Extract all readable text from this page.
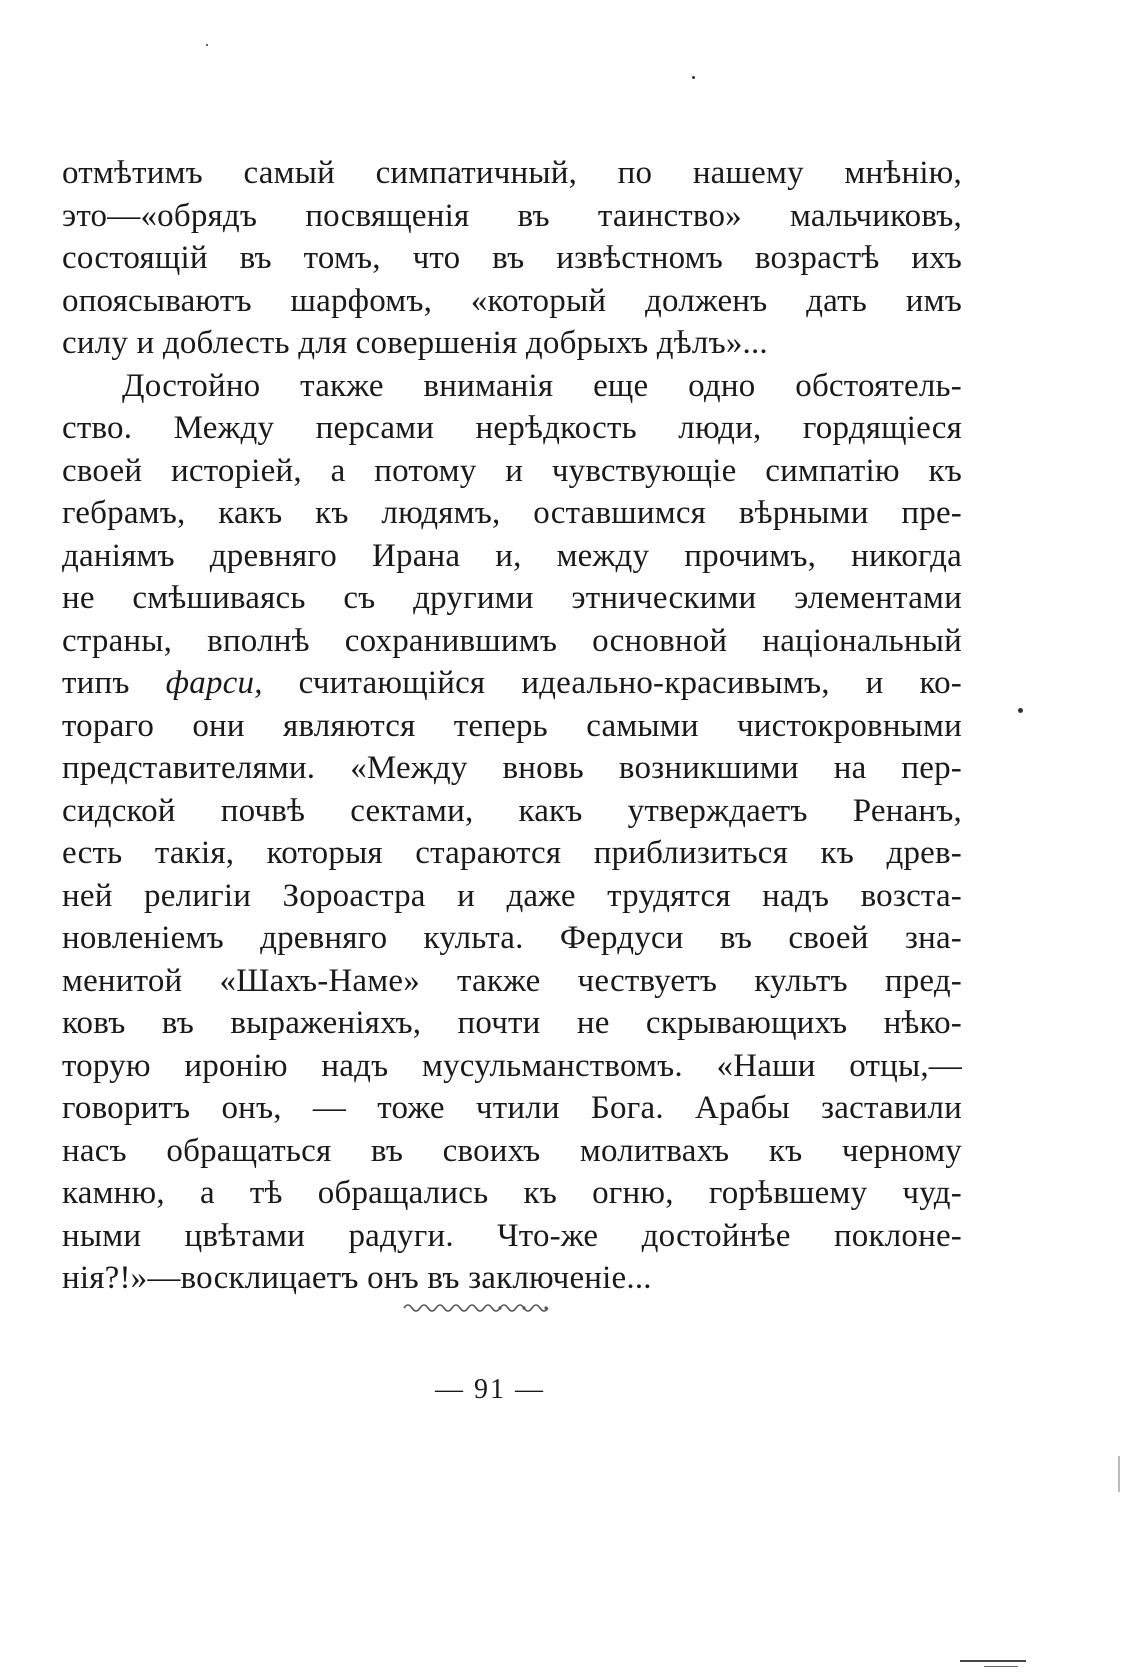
отмѣтимъ самый симпатичный, по нашему мнѣнію,
это—«обрядъ посвященія въ таинство» мальчиковъ,
состоящій въ томъ, что въ извѣстномъ возрастѣ ихъ
опоясываютъ шарфомъ, «который долженъ дать имъ
силу и доблесть для совершенія добрыхъ дѣлъ»...
Достойно также вниманія еще одно обстоятель-
ство. Между персами нерѣдкость люди, гордящіеся
своей исторіей, а потому и чувствующіе симпатію къ
гебрамъ, какъ къ людямъ, оставшимся вѣрными пре-
даніямъ древняго Ирана и, между прочимъ, никогда
не смѣшиваясь съ другими этническими элементами
страны, вполнѣ сохранившимъ основной національный
типъ фарси, считающійся идеально-красивымъ, и ко-
тораго они являются теперь самыми чистокровными
представителями. «Между вновь возникшими на пер-
сидской почвѣ сектами, какъ утверждаетъ Ренанъ,
есть такія, которыя стараются приблизиться къ древ-
ней религіи Зороастра и даже трудятся надъ возста-
новленіемъ древняго культа. Фердуси въ своей зна-
менитой «Шахъ-Наме» также чествуетъ культъ пред-
ковъ въ выраженіяхъ, почти не скрывающихъ нѣко-
торую иронію надъ мусульманствомъ. «Наши отцы,—
говоритъ онъ, — тоже чтили Бога. Арабы заставили
насъ обращаться въ своихъ молитвахъ къ черному
камню, а тѣ обращались къ огню, горѣвшему чуд-
ными цвѣтами радуги. Что-же достойнѣе поклоне-
нія?!»—восклицаетъ онъ въ заключеніе...
— 91 —
